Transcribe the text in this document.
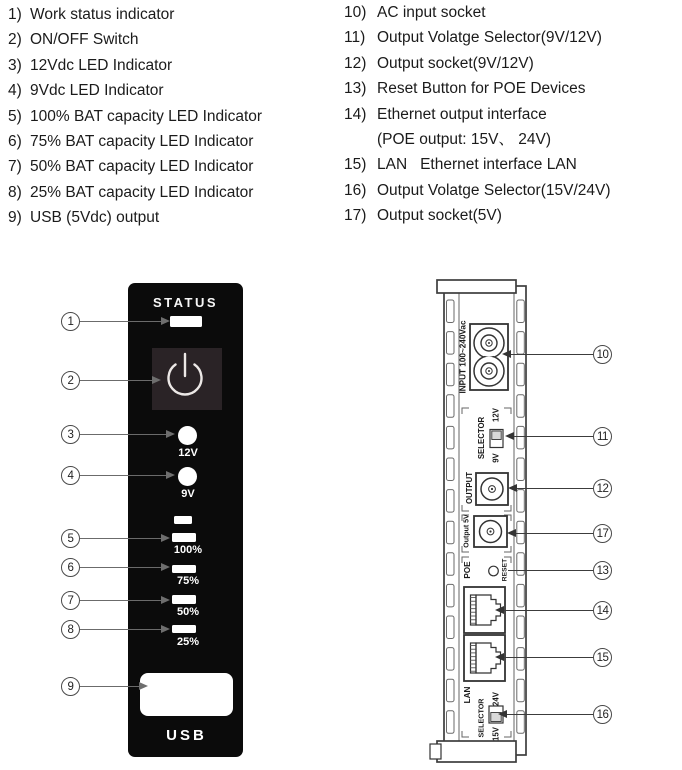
1) Work status indicator
2) ON/OFF Switch
3) 12Vdc LED Indicator
4) 9Vdc LED Indicator
5) 100% BAT capacity LED Indicator
6) 75% BAT capacity LED Indicator
7) 50% BAT capacity LED Indicator
8) 25% BAT capacity LED Indicator
9) USB (5Vdc) output
10) AC input socket
11) Output Volatge Selector(9V/12V)
12) Output socket(9V/12V)
13) Reset Button for POE Devices
14) Ethernet output interface
(POE output: 15V、 24V)
15) LAN   Ethernet interface LAN
16) Output Volatge Selector(15V/24V)
17) Output socket(5V)
STATUS
12V
9V
100%
75%
50%
25%
USB
INPUT 100~240Vac
SELECTOR
12V
9V
OUTPUT
Output 5V
POE	RESET
LAN
SELECTOR 24V
15V
1
2
3
4
5
6
7
8
9
10
11
12
17
13
14
15
16
